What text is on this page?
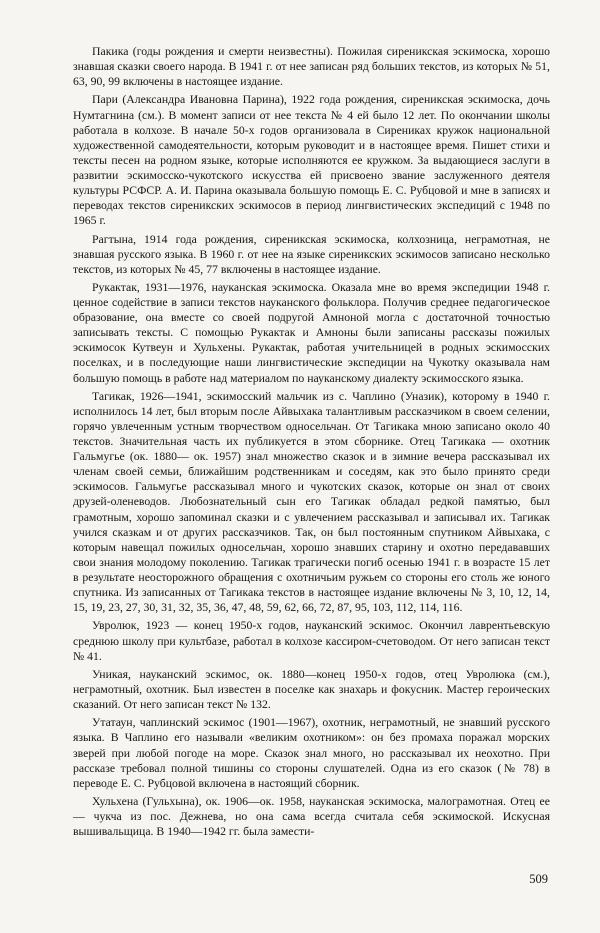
Пакика (годы рождения и смерти неизвестны). Пожилая сиреникская эскимоска, хорошо знавшая сказки своего народа. В 1941 г. от нее записан ряд больших текстов, из которых № 51, 63, 90, 99 включены в настоящее издание.

Пари (Александра Ивановна Парина), 1922 года рождения, сиреникская эскимоска, дочь Нумтагнина (см.). В момент записи от нее текста № 4 ей было 12 лет. По окончании школы работала в колхозе. В начале 50-х годов организовала в Сирениках кружок национальной художественной самодеятельности, которым руководит и в настоящее время. Пишет стихи и тексты песен на родном языке, которые исполняются ее кружком. За выдающиеся заслуги в развитии эскимосско-чукотского искусства ей присвоено звание заслуженного деятеля культуры РСФСР. А. И. Парина оказывала большую помощь Е. С. Рубцовой и мне в записях и переводах текстов сиреникских эскимосов в период лингвистических экспедиций с 1948 по 1965 г.

Рагтына, 1914 года рождения, сиреникская эскимоска, колхозница, неграмотная, не знавшая русского языка. В 1960 г. от нее на языке сиреникских эскимосов записано несколько текстов, из которых № 45, 77 включены в настоящее издание.

Рукактак, 1931—1976, науканская эскимоска. Оказала мне во время экспедиции 1948 г. ценное содействие в записи текстов науканского фольклора. Получив среднее педагогическое образование, она вместе со своей подругой Амноной могла с достаточной точностью записывать тексты. С помощью Рукактак и Амноны были записаны рассказы пожилых эскимосок Кутвеун и Хульхены. Рукактак, работая учительницей в родных эскимосских поселках, и в последующие наши лингвистические экспедиции на Чукотку оказывала нам большую помощь в работе над материалом по науканскому диалекту эскимосского языка.

Тагикак, 1926—1941, эскимосский мальчик из с. Чаплино (Уназик), которому в 1940 г. исполнилось 14 лет, был вторым после Айвыхака талантливым рассказчиком в своем селении, горячо увлеченным устным творчеством односельчан. От Тагикака мною записано около 40 текстов. Значительная часть их публикуется в этом сборнике. Отец Тагикака — охотник Гальмугье (ок. 1880— ок. 1957) знал множество сказок и в зимние вечера рассказывал их членам своей семьи, ближайшим родственникам и соседям, как это было принято среди эскимосов. Гальмугье рассказывал много и чукотских сказок, которые он знал от своих друзей-оленеводов. Любознательный сын его Тагикак обладал редкой памятью, был грамотным, хорошо запоминал сказки и с увлечением рассказывал и записывал их. Тагикак учился сказкам и от других рассказчиков. Так, он был постоянным спутником Айвыхака, с которым навещал пожилых односельчан, хорошо знавших старину и охотно передававших свои знания молодому поколению. Тагикак трагически погиб осенью 1941 г. в возрасте 15 лет в результате неосторожного обращения с охотничьим ружьем со стороны его столь же юного спутника. Из записанных от Тагикака текстов в настоящее издание включены № 3, 10, 12, 14, 15, 19, 23, 27, 30, 31, 32, 35, 36, 47, 48, 59, 62, 66, 72, 87, 95, 103, 112, 114, 116.

Увролюк, 1923 — конец 1950-х годов, науканский эскимос. Окончил лаврентьевскую среднюю школу при культбазе, работал в колхозе кассиром-счетоводом. От него записан текст № 41.

Уникая, науканский эскимос, ок. 1880—конец 1950-х годов, отец Увролюка (см.), неграмотный, охотник. Был известен в поселке как знахарь и фокусник. Мастер героических сказаний. От него записан текст № 132.

Утатаун, чаплинский эскимос (1901—1967), охотник, неграмотный, не знавший русского языка. В Чаплино его называли «великим охотником»: он без промаха поражал морских зверей при любой погоде на море. Сказок знал много, но рассказывал их неохотно. При рассказе требовал полной тишины со стороны слушателей. Одна из его сказок (№ 78) в переводе Е. С. Рубцовой включена в настоящий сборник.

Хульхена (Гульхына), ок. 1906—ок. 1958, науканская эскимоска, малограмотная. Отец ее — чукча из пос. Дежнева, но она сама всегда считала себя эскимоской. Искусная вышивальщица. В 1940—1942 гг. была замести-

509
